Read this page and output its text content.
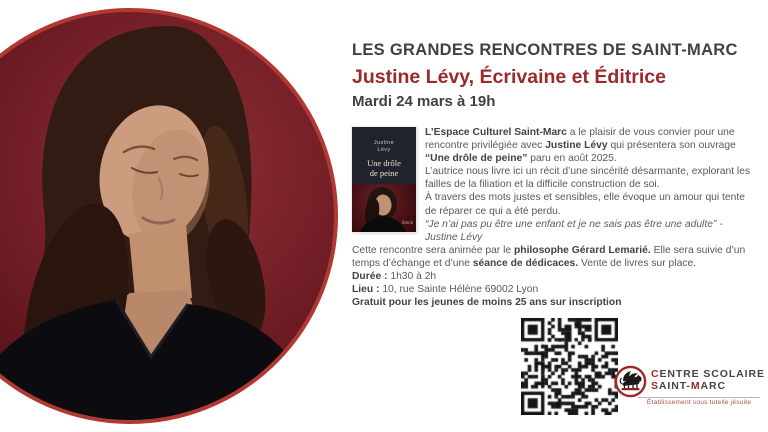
LES GRANDES RENCONTRES DE SAINT-MARC
Justine Lévy, Écrivaine et Éditrice
Mardi 24 mars à 19h
Justine
Lévy
Une drôle
de peine
Stock

L’Espace Culturel Saint-Marc a le plaisir de vous convier pour une rencontre privilégiée avec Justine Lévy qui présentera son ouvrage “Une drôle de peine” paru en août 2025.

L’autrice nous livre ici un récit d’une sincérité désarmante, explorant les failles de la filiation et la difficile construction de soi.

À travers des mots justes et sensibles, elle évoque un amour qui tente de réparer ce qui a été perdu.

“Je n’ai pas pu être une enfant et je ne sais pas être une adulte” - Justine Lévy

Cette rencontre sera animée par le philosophe Gérard Lemarié. Elle sera suivie d’un temps d’échange et d’une séance de dédicaces. Vente de livres sur place.

Durée : 1h30 à 2h

Lieu : 10, rue Sainte Hélène 69002 Lyon

Gratuit pour les jeunes de moins 25 ans sur inscription

CENTRE SCOLAIRE
SAINT-MARC
Établissement sous tutelle jésuite
